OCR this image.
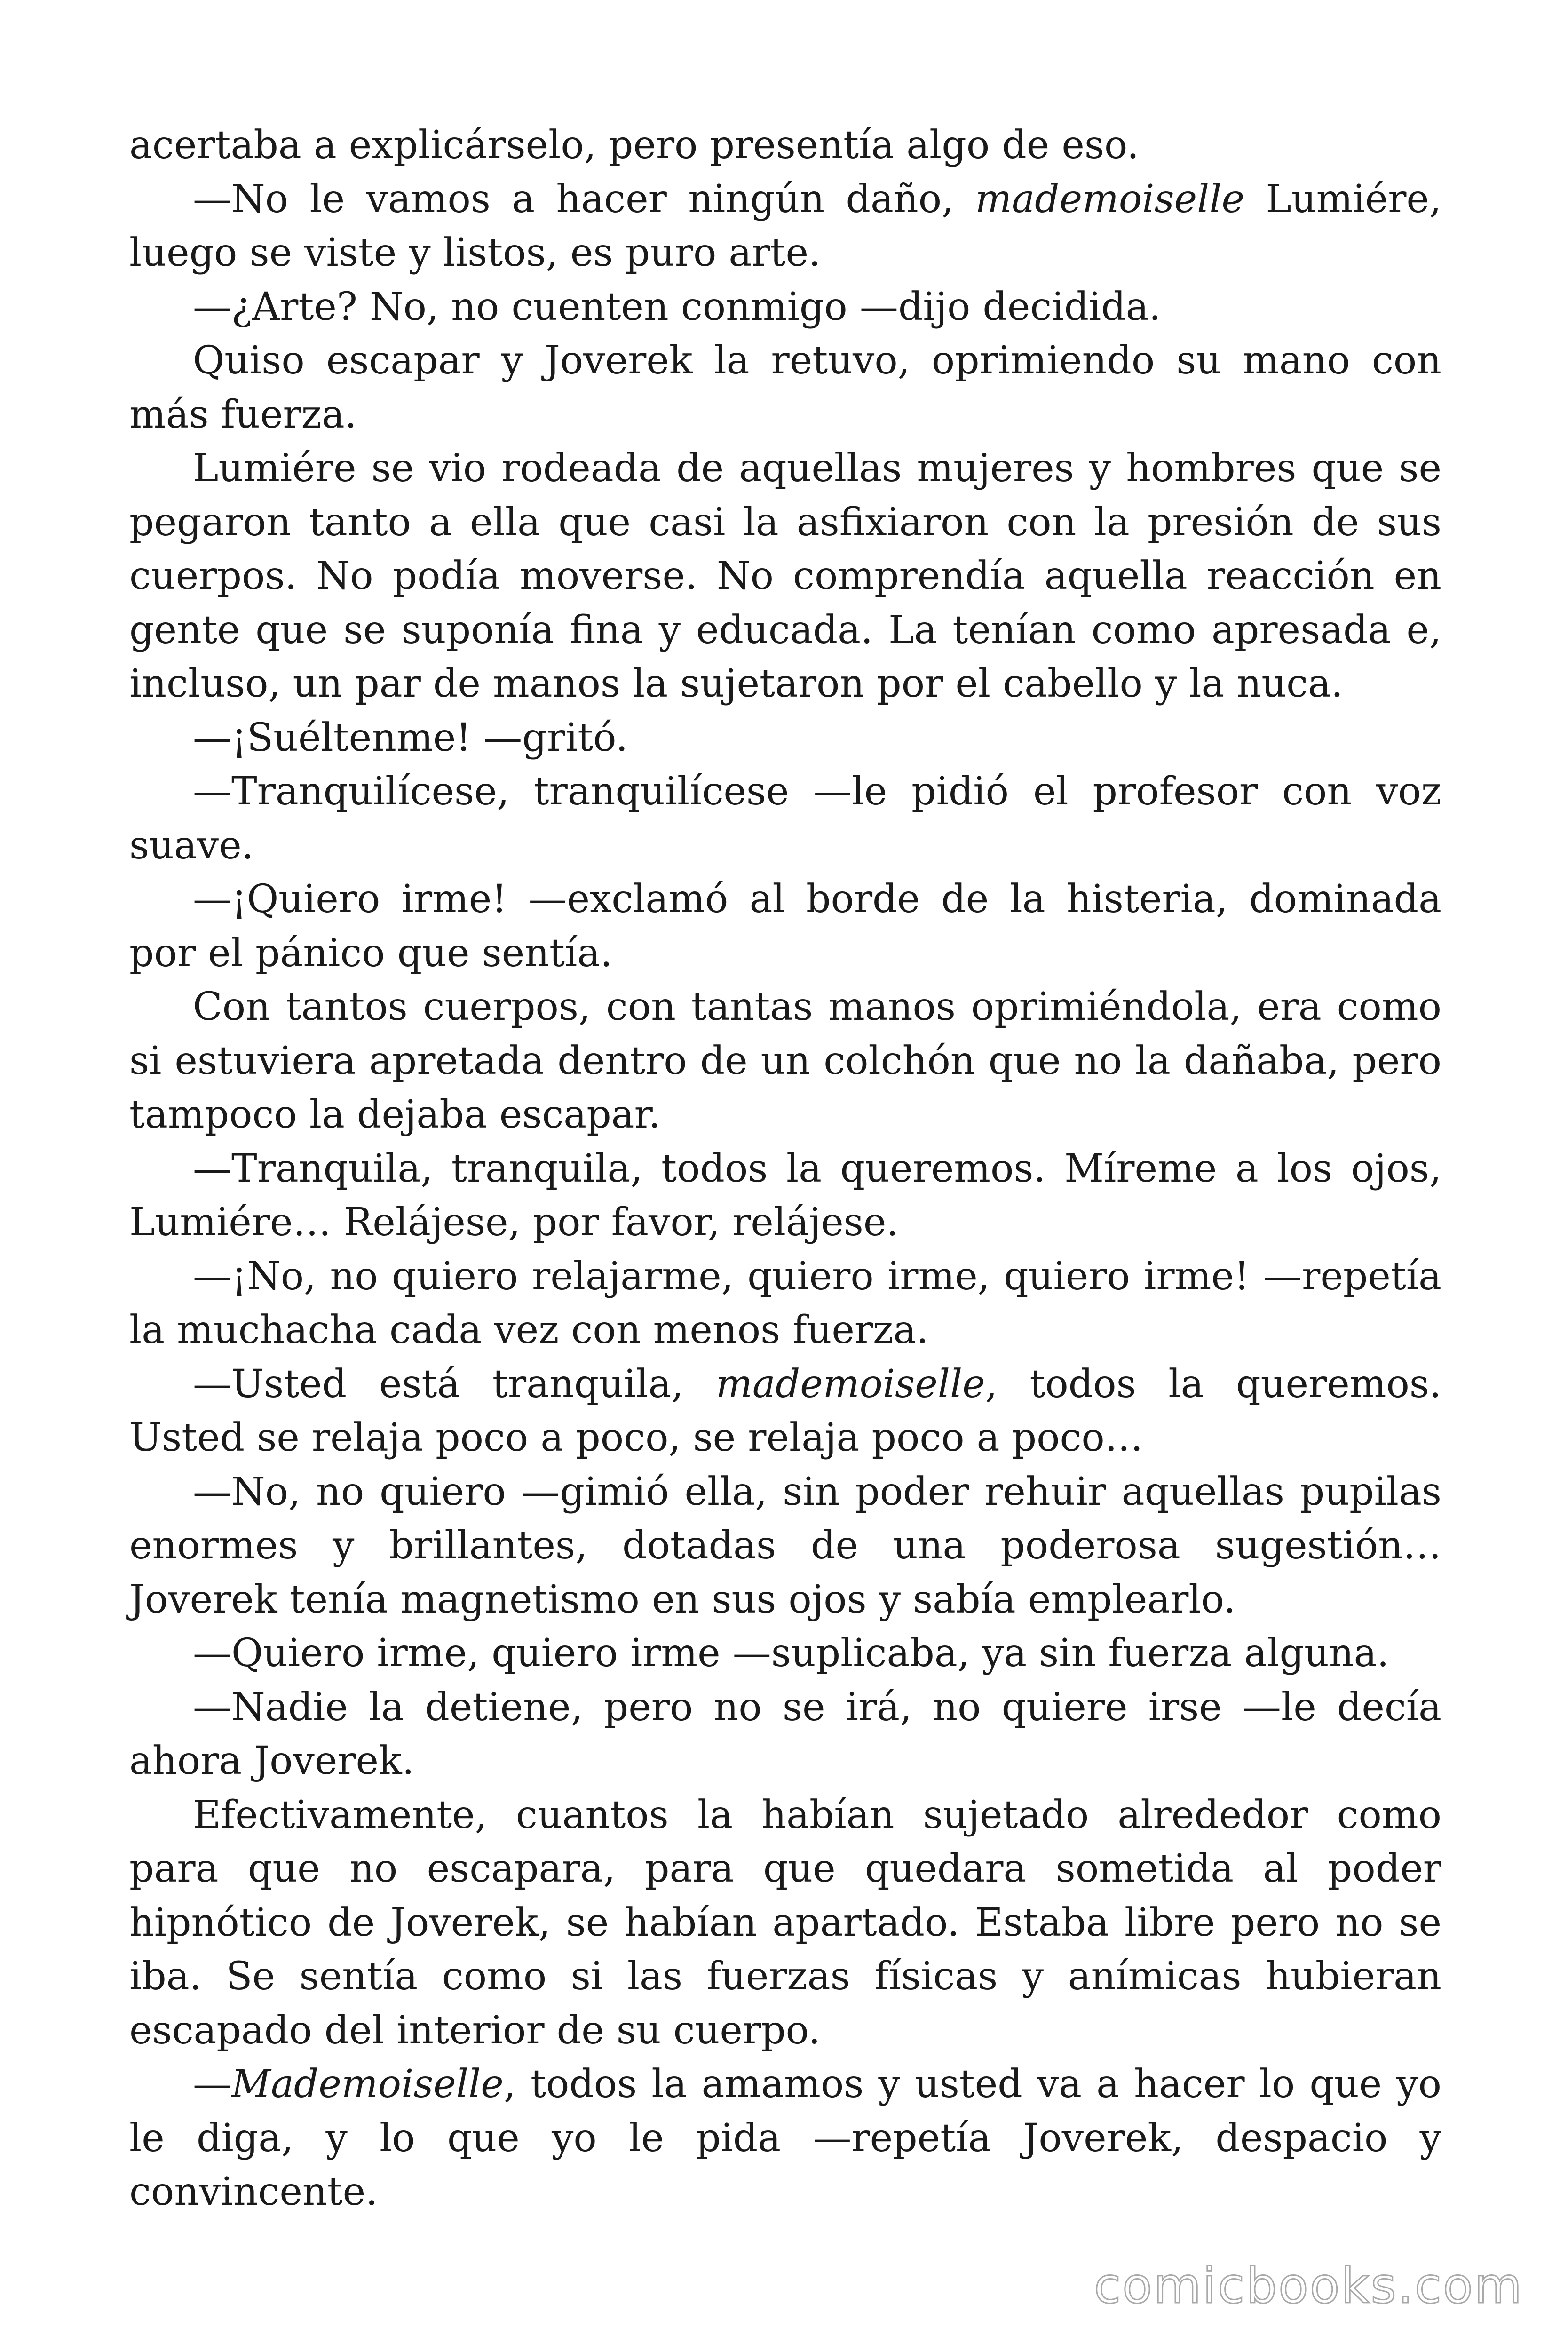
acertaba a explicárselo, pero presentía algo de eso.

—No le vamos a hacer ningún daño, mademoiselle Lumiére, luego se viste y listos, es puro arte.

—¿Arte? No, no cuenten conmigo —dijo decidida.

Quiso escapar y Joverek la retuvo, oprimiendo su mano con más fuerza.

Lumiére se vio rodeada de aquellas mujeres y hombres que se pegaron tanto a ella que casi la asfixiaron con la presión de sus cuerpos. No podía moverse. No comprendía aquella reacción en gente que se suponía fina y educada. La tenían como apresada e, incluso, un par de manos la sujetaron por el cabello y la nuca.

—¡Suéltenme! —gritó.

—Tranquilícese, tranquilícese —le pidió el profesor con voz suave.

—¡Quiero irme! —exclamó al borde de la histeria, dominada por el pánico que sentía.

Con tantos cuerpos, con tantas manos oprimiéndola, era como si estuviera apretada dentro de un colchón que no la dañaba, pero tampoco la dejaba escapar.

—Tranquila, tranquila, todos la queremos. Míreme a los ojos, Lumiére… Relájese, por favor, relájese.

—¡No, no quiero relajarme, quiero irme, quiero irme! —repetía la muchacha cada vez con menos fuerza.

—Usted está tranquila, mademoiselle, todos la queremos. Usted se relaja poco a poco, se relaja poco a poco…

—No, no quiero —gimió ella, sin poder rehuir aquellas pupilas enormes y brillantes, dotadas de una poderosa sugestión… Joverek tenía magnetismo en sus ojos y sabía emplearlo.

—Quiero irme, quiero irme —suplicaba, ya sin fuerza alguna.

—Nadie la detiene, pero no se irá, no quiere irse —le decía ahora Joverek.

Efectivamente, cuantos la habían sujetado alrededor como para que no escapara, para que quedara sometida al poder hipnótico de Joverek, se habían apartado. Estaba libre pero no se iba. Se sentía como si las fuerzas físicas y anímicas hubieran escapado del interior de su cuerpo.

—Mademoiselle, todos la amamos y usted va a hacer lo que yo le diga, y lo que yo le pida —repetía Joverek, despacio y convincente.

comicbooks.com
